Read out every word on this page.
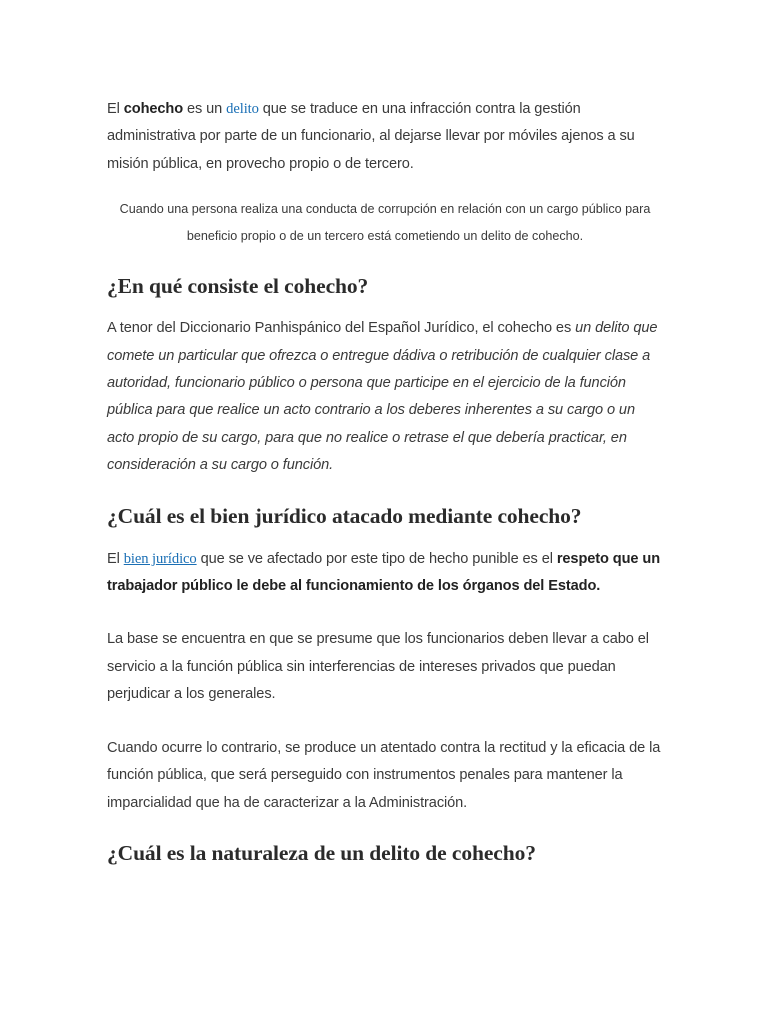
El cohecho es un delito que se traduce en una infracción contra la gestión administrativa por parte de un funcionario, al dejarse llevar por móviles ajenos a su misión pública, en provecho propio o de tercero.

Cuando una persona realiza una conducta de corrupción en relación con un cargo público para beneficio propio o de un tercero está cometiendo un delito de cohecho.

¿En qué consiste el cohecho?

A tenor del Diccionario Panhispánico del Español Jurídico, el cohecho es un delito que comete un particular que ofrezca o entregue dádiva o retribución de cualquier clase a autoridad, funcionario público o persona que participe en el ejercicio de la función pública para que realice un acto contrario a los deberes inherentes a su cargo o un acto propio de su cargo, para que no realice o retrase el que debería practicar, en consideración a su cargo o función.

¿Cuál es el bien jurídico atacado mediante cohecho?

El bien jurídico que se ve afectado por este tipo de hecho punible es el respeto que un trabajador público le debe al funcionamiento de los órganos del Estado.

La base se encuentra en que se presume que los funcionarios deben llevar a cabo el servicio a la función pública sin interferencias de intereses privados que puedan perjudicar a los generales.

Cuando ocurre lo contrario, se produce un atentado contra la rectitud y la eficacia de la función pública, que será perseguido con instrumentos penales para mantener la imparcialidad que ha de caracterizar a la Administración.

¿Cuál es la naturaleza de un delito de cohecho?
